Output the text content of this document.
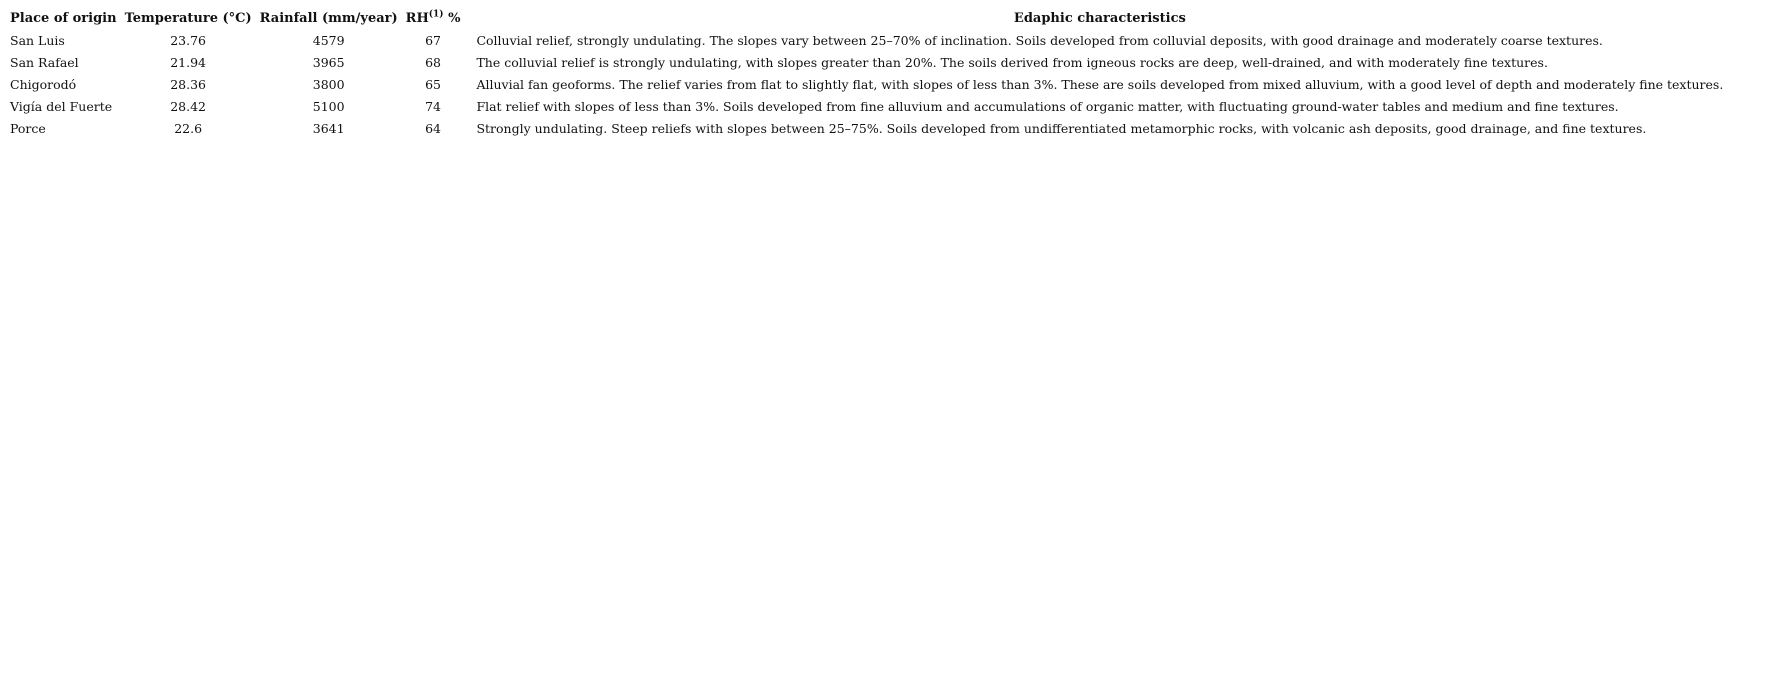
Place of origin	Temperature (°C)	Rainfall (mm/year)	RH$^{(1)}$ %	Edaphic characteristics
San Luis	23.76	4579	67	Colluvial relief, strongly undulating. The slopes vary between 25–70% of inclination. Soils developed from colluvial deposits, with good drainage and moderately coarse textures.
San Rafael	21.94	3965	68	The colluvial relief is strongly undulating, with slopes greater than 20%. The soils derived from igneous rocks are deep, well-drained, and with moderately fine textures.
Chigorodó	28.36	3800	65	Alluvial fan geoforms. The relief varies from flat to slightly flat, with slopes of less than 3%. These are soils developed from mixed alluvium, with a good level of depth and moderately fine textures.
Vigía del Fuerte	28.42	5100	74	Flat relief with slopes of less than 3%. Soils developed from fine alluvium and accumulations of organic matter, with fluctuating ground-water tables and medium and fine textures.
Porce	22.6	3641	64	Strongly undulating. Steep reliefs with slopes between 25–75%. Soils developed from undifferentiated metamorphic rocks, with volcanic ash deposits, good drainage, and fine textures.
